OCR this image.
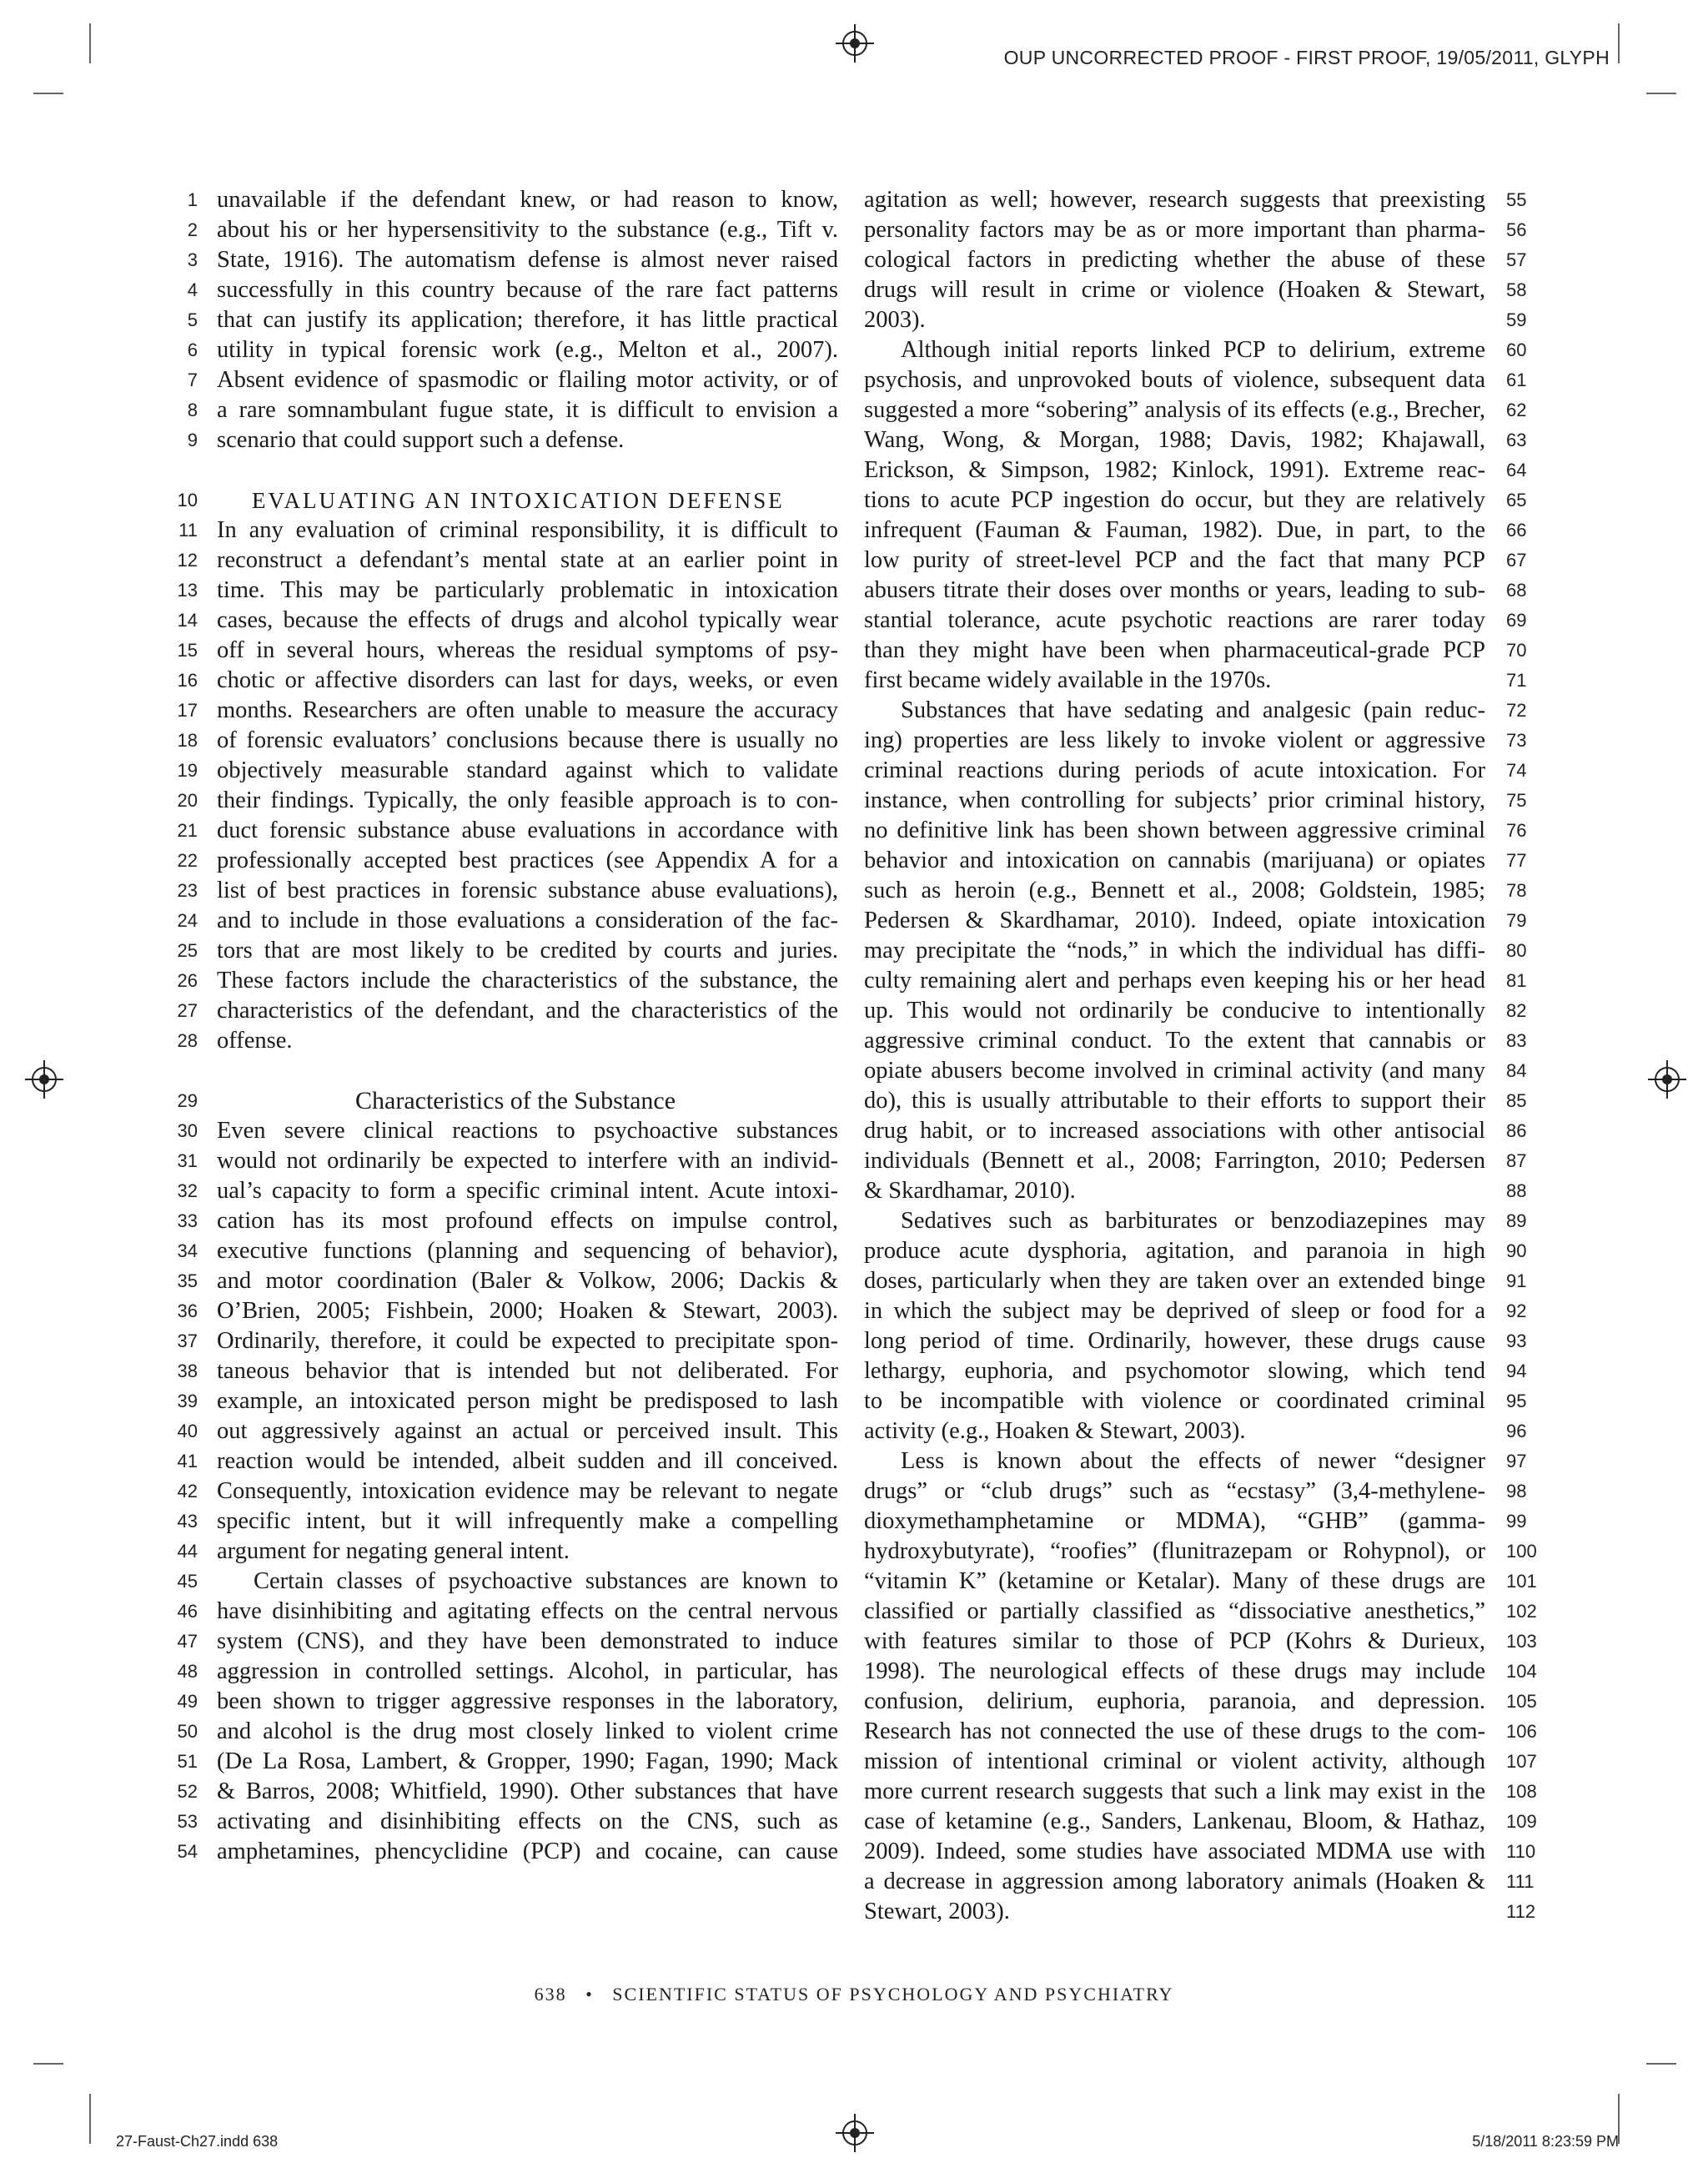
OUP UNCORRECTED PROOF - FIRST PROOF, 19/05/2011, GLYPH
1 unavailable if the defendant knew, or had reason to know,
2 about his or her hypersensitivity to the substance (e.g., Tift v.
3 State, 1916). The automatism defense is almost never raised
4 successfully in this country because of the rare fact patterns
5 that can justify its application; therefore, it has little practical
6 utility in typical forensic work (e.g., Melton et al., 2007).
7 Absent evidence of spasmodic or flailing motor activity, or of
8 a rare somnambulant fugue state, it is difficult to envision a
9 scenario that could support such a defense.
10	EVALUATING AN INTOXICATION DEFENSE
11 In any evaluation of criminal responsibility, it is difficult to
12 reconstruct a defendant’s mental state at an earlier point in
13 time. This may be particularly problematic in intoxication
14 cases, because the effects of drugs and alcohol typically wear
15 off in several hours, whereas the residual symptoms of psy-
16 chotic or affective disorders can last for days, weeks, or even
17 months. Researchers are often unable to measure the accuracy
18 of forensic evaluators’ conclusions because there is usually no
19 objectively measurable standard against which to validate
20 their findings. Typically, the only feasible approach is to con-
21 duct forensic substance abuse evaluations in accordance with
22 professionally accepted best practices (see Appendix A for a
23 list of best practices in forensic substance abuse evaluations),
24 and to include in those evaluations a consideration of the fac-
25 tors that are most likely to be credited by courts and juries.
26 These factors include the characteristics of the substance, the
27 characteristics of the defendant, and the characteristics of the
28 offense.
29	Characteristics of the Substance
30 Even severe clinical reactions to psychoactive substances
31 would not ordinarily be expected to interfere with an individ-
32 ual’s capacity to form a specific criminal intent. Acute intoxi-
33 cation has its most profound effects on impulse control,
34 executive functions (planning and sequencing of behavior),
35 and motor coordination (Baler & Volkow, 2006; Dackis &
36 O’Brien, 2005; Fishbein, 2000; Hoaken & Stewart, 2003).
37 Ordinarily, therefore, it could be expected to precipitate spon-
38 taneous behavior that is intended but not deliberated. For
39 example, an intoxicated person might be predisposed to lash
40 out aggressively against an actual or perceived insult. This
41 reaction would be intended, albeit sudden and ill conceived.
42 Consequently, intoxication evidence may be relevant to negate
43 specific intent, but it will infrequently make a compelling
44 argument for negating general intent.
45	Certain classes of psychoactive substances are known to
46 have disinhibiting and agitating effects on the central nervous
47 system (CNS), and they have been demonstrated to induce
48 aggression in controlled settings. Alcohol, in particular, has
49 been shown to trigger aggressive responses in the laboratory,
50 and alcohol is the drug most closely linked to violent crime
51 (De La Rosa, Lambert, & Gropper, 1990; Fagan, 1990; Mack
52 & Barros, 2008; Whitfield, 1990). Other substances that have
53 activating and disinhibiting effects on the CNS, such as
54 amphetamines, phencyclidine (PCP) and cocaine, can cause
55
agitation as well; however, research suggests that preexisting
56
personality factors may be as or more important than pharma-
57
cological factors in predicting whether the abuse of these
58
drugs will result in crime or violence (Hoaken & Stewart,
59
2003).
60
Although initial reports linked PCP to delirium, extreme
61
psychosis, and unprovoked bouts of violence, subsequent data
62
suggested a more “sobering” analysis of its effects (e.g., Brecher,
63
Wang, Wong, & Morgan, 1988; Davis, 1982; Khajawall,
64
Erickson, & Simpson, 1982; Kinlock, 1991). Extreme reac-
65
tions to acute PCP ingestion do occur, but they are relatively
66
infrequent (Fauman & Fauman, 1982). Due, in part, to the
67
low purity of street-level PCP and the fact that many PCP
68
abusers titrate their doses over months or years, leading to sub-
69
stantial tolerance, acute psychotic reactions are rarer today
70
than they might have been when pharmaceutical-grade PCP
71
first became widely available in the 1970s.
72
Substances that have sedating and analgesic (pain reduc-
73
ing) properties are less likely to invoke violent or aggressive
74
criminal reactions during periods of acute intoxication. For
75
instance, when controlling for subjects’ prior criminal history,
76
no definitive link has been shown between aggressive criminal
77
behavior and intoxication on cannabis (marijuana) or opiates
78
such as heroin (e.g., Bennett et al., 2008; Goldstein, 1985;
79
Pedersen & Skardhamar, 2010). Indeed, opiate intoxication
80
may precipitate the “nods,” in which the individual has diffi-
81
culty remaining alert and perhaps even keeping his or her head
82
up. This would not ordinarily be conducive to intentionally
83
aggressive criminal conduct. To the extent that cannabis or
84
opiate abusers become involved in criminal activity (and many
85
do), this is usually attributable to their efforts to support their
86
drug habit, or to increased associations with other antisocial
87
individuals (Bennett et al., 2008; Farrington, 2010; Pedersen
88
& Skardhamar, 2010).
89
Sedatives such as barbiturates or benzodiazepines may
90
produce acute dysphoria, agitation, and paranoia in high
91
doses, particularly when they are taken over an extended binge
92
in which the subject may be deprived of sleep or food for a
93
long period of time. Ordinarily, however, these drugs cause
94
lethargy, euphoria, and psychomotor slowing, which tend
95
to be incompatible with violence or coordinated criminal
96
activity (e.g., Hoaken & Stewart, 2003).
97
Less is known about the effects of newer “designer
98
drugs” or “club drugs” such as “ecstasy” (3,4-methylene-
99
dioxymethamphetamine or MDMA), “GHB” (gamma-
100
hydroxybutyrate), “roofies” (flunitrazepam or Rohypnol), or
101
“vitamin K” (ketamine or Ketalar). Many of these drugs are
102
classified or partially classified as “dissociative anesthetics,”
103
with features similar to those of PCP (Kohrs & Durieux,
104
1998). The neurological effects of these drugs may include
105
confusion, delirium, euphoria, paranoia, and depression.
106
Research has not connected the use of these drugs to the com-
107
mission of intentional criminal or violent activity, although
108
more current research suggests that such a link may exist in the
109
case of ketamine (e.g., Sanders, Lankenau, Bloom, & Hathaz,
110
2009). Indeed, some studies have associated MDMA use with
111
a decrease in aggression among laboratory animals (Hoaken &
112
Stewart, 2003).
638 • SCIENTIFIC STATUS OF PSYCHOLOGY AND PSYCHIATRY
27-Faust-Ch27.indd 638	5/18/2011 8:23:59 PM
